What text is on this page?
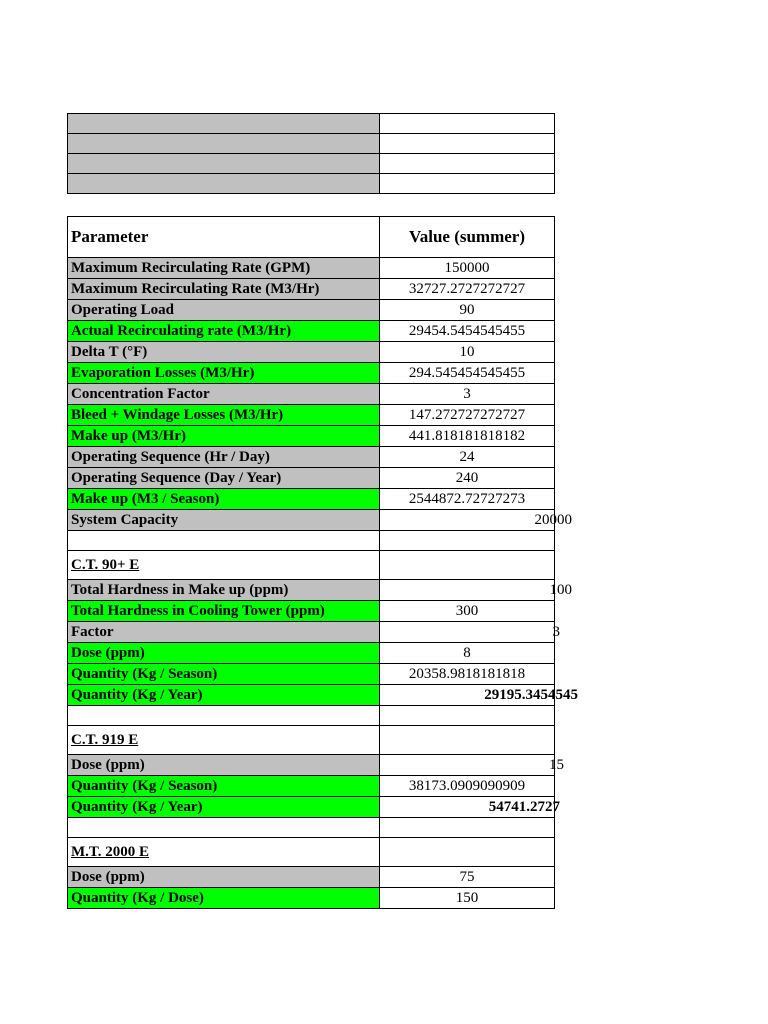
Parameter	Value (summer)
Maximum Recirculating Rate (GPM)	150000
Maximum Recirculating Rate (M3/Hr)	32727.2727272727
Operating Load	90
Actual Recirculating rate (M3/Hr)	29454.5454545455
Delta T (°F)	10
Evaporation Losses (M3/Hr)	294.545454545455
Concentration Factor	3
Bleed + Windage Losses (M3/Hr)	147.272727272727
Make up (M3/Hr)	441.818181818182
Operating Sequence (Hr / Day)	24
Operating Sequence (Day / Year)	240
Make up (M3 / Season)	2544872.72727273
System Capacity	20000

C.T. 90+ E	
Total Hardness in Make up (ppm)	100
Total Hardness in Cooling Tower (ppm)	300
Factor	3
Dose (ppm)	8
Quantity (Kg / Season)	20358.9818181818
Quantity (Kg / Year)	29195.3454545

C.T. 919 E	
Dose (ppm)	15
Quantity (Kg / Season)	38173.0909090909
Quantity (Kg / Year)	54741.2727

M.T. 2000 E	
Dose (ppm)	75
Quantity (Kg / Dose)	150
